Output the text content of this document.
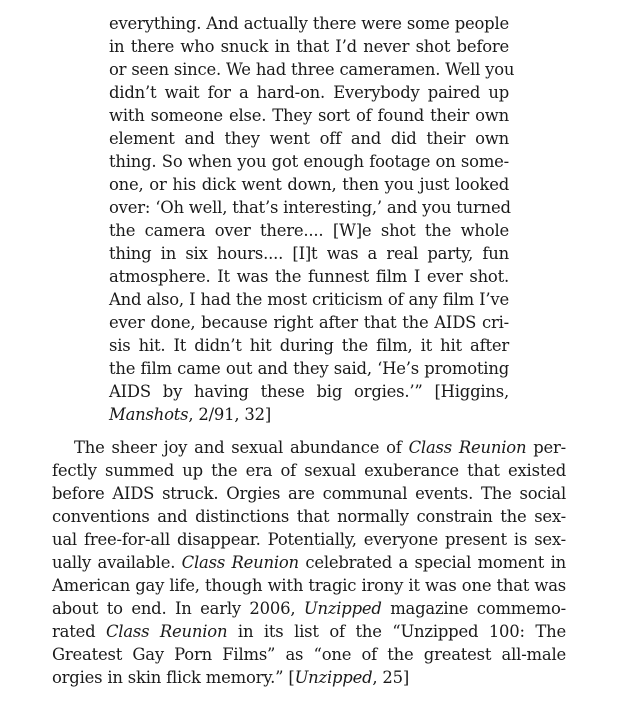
everything. And actually there were some people
in there who snuck in that I’d never shot before
or seen since. We had three cameramen. Well you
didn’t wait for a hard-on. Everybody paired up
with someone else. They sort of found their own
element and they went off and did their own
thing. So when you got enough footage on some-
one, or his dick went down, then you just looked
over: ‘Oh well, that’s interesting,’ and you turned
the camera over there.... [W]e shot the whole
thing in six hours.... [I]t was a real party, fun
atmosphere. It was the funnest film I ever shot.
And also, I had the most criticism of any film I’ve
ever done, because right after that the AIDS cri-
sis hit. It didn’t hit during the film, it hit after
the film came out and they said, ‘He’s promoting
AIDS by having these big orgies.’” [Higgins,
Manshots, 2/91, 32]
The sheer joy and sexual abundance of Class Reunion per-
fectly summed up the era of sexual exuberance that existed
before AIDS struck. Orgies are communal events. The social
conventions and distinctions that normally constrain the sex-
ual free-for-all disappear. Potentially, everyone present is sex-
ually available. Class Reunion celebrated a special moment in
American gay life, though with tragic irony it was one that was
about to end. In early 2006, Unzipped magazine commemo-
rated Class Reunion in its list of the “Unzipped 100: The
Greatest Gay Porn Films” as “one of the greatest all-male
orgies in skin flick memory.” [Unzipped, 25]
